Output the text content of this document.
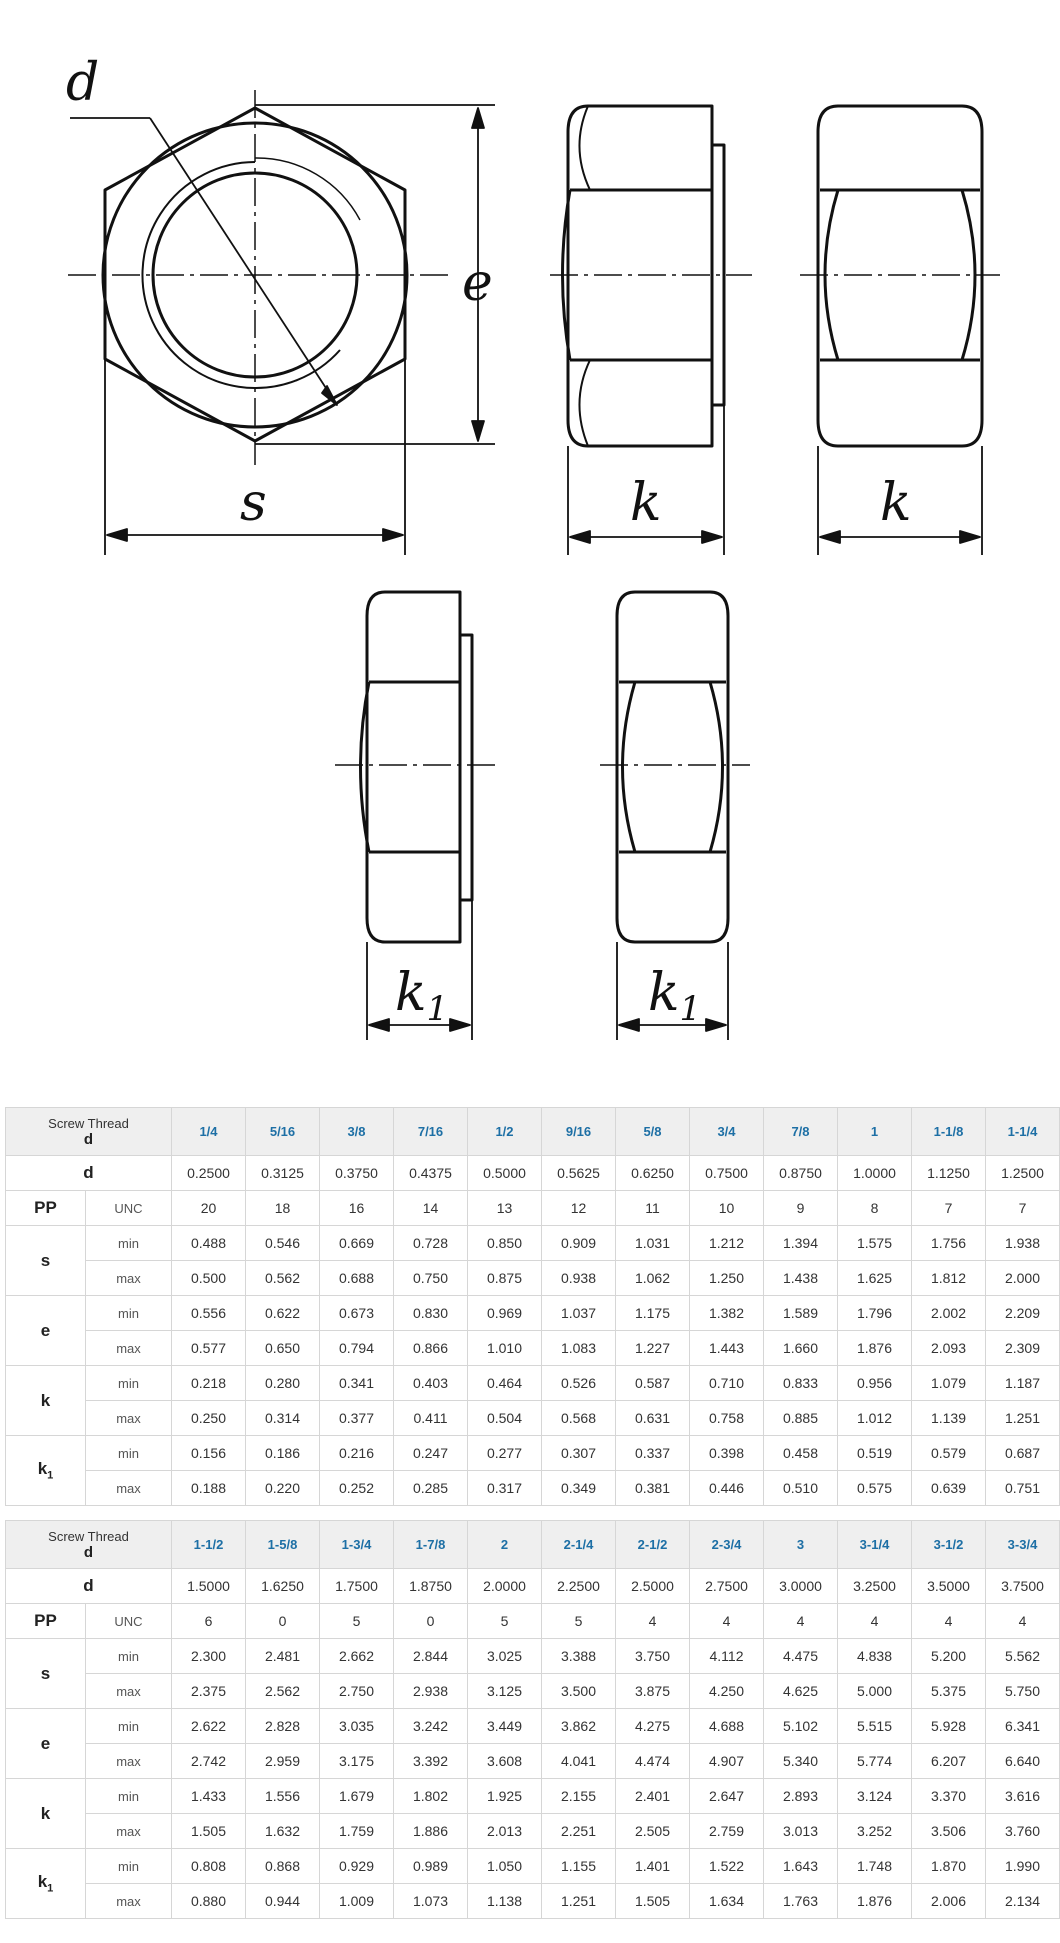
d
e
s	k	k
k1	k1
Screw Thread
d		1/4	5/16	3/8	7/16	1/2	9/16	5/8	3/4	7/8	1	1-1/8	1-1/4
d		0.2500	0.3125	0.3750	0.4375	0.5000	0.5625	0.6250	0.7500	0.8750	1.0000	1.1250	1.2500
PP	UNC	20	18	16	14	13	12	11	10	9	8	7	7
s	min	0.488	0.546	0.669	0.728	0.850	0.909	1.031	1.212	1.394	1.575	1.756	1.938
	max	0.500	0.562	0.688	0.750	0.875	0.938	1.062	1.250	1.438	1.625	1.812	2.000
e	min	0.556	0.622	0.673	0.830	0.969	1.037	1.175	1.382	1.589	1.796	2.002	2.209
	max	0.577	0.650	0.794	0.866	1.010	1.083	1.227	1.443	1.660	1.876	2.093	2.309
k	min	0.218	0.280	0.341	0.403	0.464	0.526	0.587	0.710	0.833	0.956	1.079	1.187
	max	0.250	0.314	0.377	0.411	0.504	0.568	0.631	0.758	0.885	1.012	1.139	1.251
$k_1$	min	0.156	0.186	0.216	0.247	0.277	0.307	0.337	0.398	0.458	0.519	0.579	0.687
	max	0.188	0.220	0.252	0.285	0.317	0.349	0.381	0.446	0.510	0.575	0.639	0.751
Screw Thread
d		1-1/2	1-5/8	1-3/4	1-7/8	2	2-1/4	2-1/2	2-3/4	3	3-1/4	3-1/2	3-3/4
d		1.5000	1.6250	1.7500	1.8750	2.0000	2.2500	2.5000	2.7500	3.0000	3.2500	3.5000	3.7500
PP	UNC	6	0	5	0	5	5	4	4	4	4	4	4
s	min	2.300	2.481	2.662	2.844	3.025	3.388	3.750	4.112	4.475	4.838	5.200	5.562
	max	2.375	2.562	2.750	2.938	3.125	3.500	3.875	4.250	4.625	5.000	5.375	5.750
e	min	2.622	2.828	3.035	3.242	3.449	3.862	4.275	4.688	5.102	5.515	5.928	6.341
	max	2.742	2.959	3.175	3.392	3.608	4.041	4.474	4.907	5.340	5.774	6.207	6.640
k	min	1.433	1.556	1.679	1.802	1.925	2.155	2.401	2.647	2.893	3.124	3.370	3.616
	max	1.505	1.632	1.759	1.886	2.013	2.251	2.505	2.759	3.013	3.252	3.506	3.760
$k_1$	min	0.808	0.868	0.929	0.989	1.050	1.155	1.401	1.522	1.643	1.748	1.870	1.990
	max	0.880	0.944	1.009	1.073	1.138	1.251	1.505	1.634	1.763	1.876	2.006	2.134
